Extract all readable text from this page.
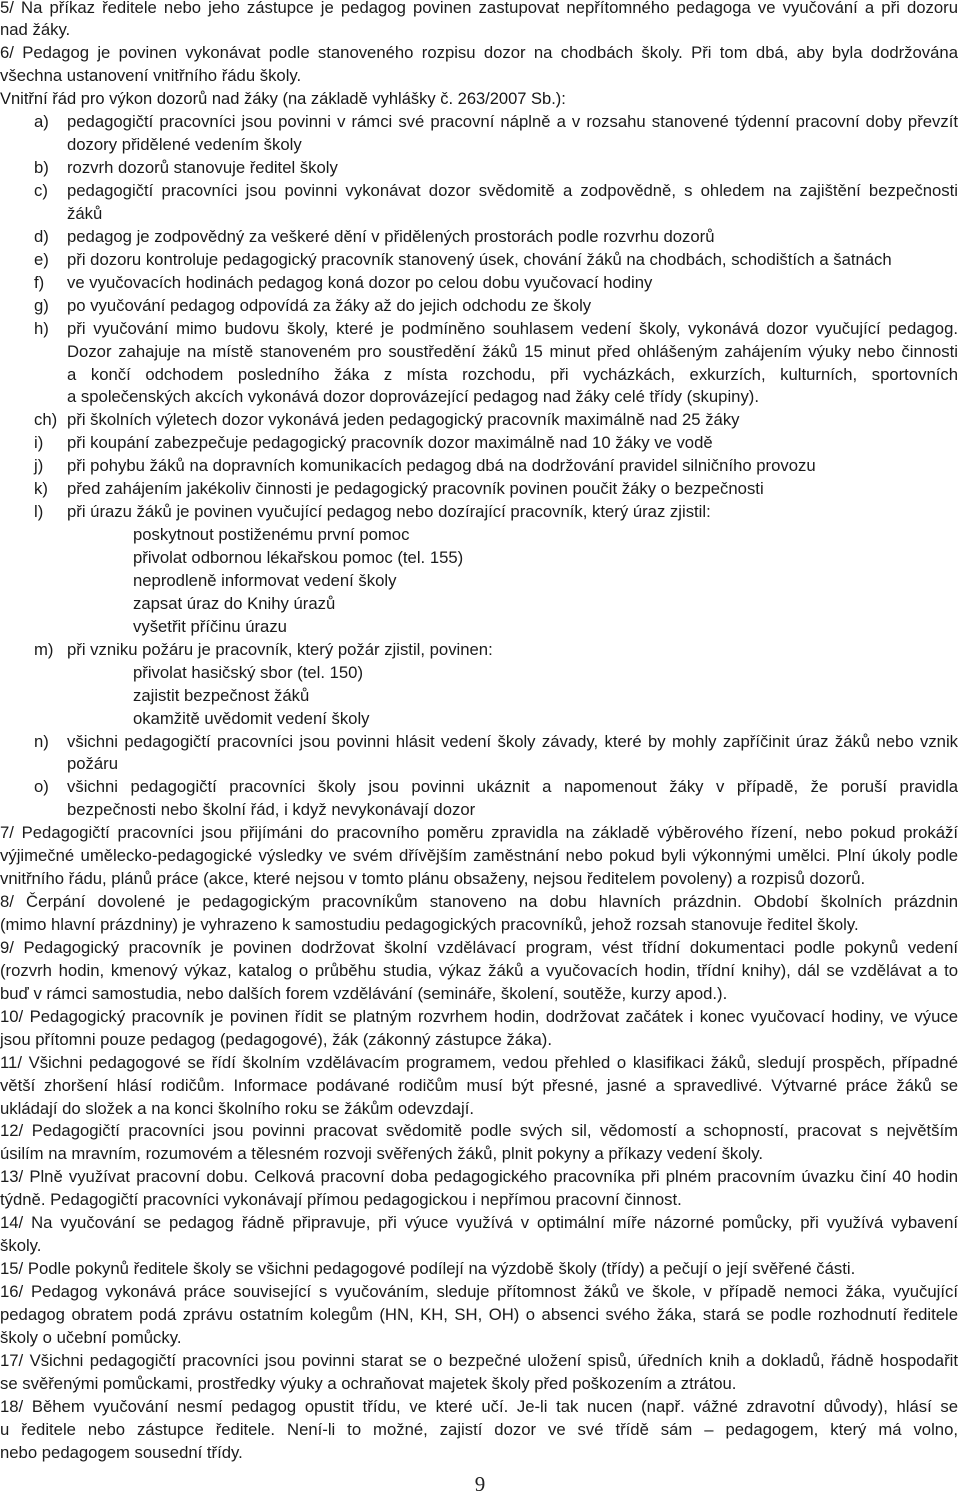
5/ Na příkaz ředitele nebo jeho zástupce je pedagog povinen zastupovat nepřítomného pedagoga ve vyučování a při dozoru
nad žáky.
6/ Pedagog je povinen vykonávat podle stanoveného rozpisu dozor na chodbách školy. Při tom dbá, aby byla dodržována
všechna ustanovení vnitřního řádu školy.
Vnitřní řád pro výkon dozorů nad žáky (na základě vyhlášky č. 263/2007 Sb.):
a) pedagogičtí pracovníci jsou povinni v rámci své pracovní náplně a v rozsahu stanovené týdenní pracovní doby převzít
dozory přidělené vedením školy
b) rozvrh dozorů stanovuje ředitel školy
c) pedagogičtí pracovníci jsou povinni vykonávat dozor svědomitě a zodpovědně, s ohledem na zajištění bezpečnosti
žáků
d) pedagog je zodpovědný za veškeré dění v přidělených prostorách podle rozvrhu dozorů
e) při dozoru kontroluje pedagogický pracovník stanovený úsek, chování žáků na chodbách, schodištích a šatnách
f) ve vyučovacích hodinách pedagog koná dozor po celou dobu vyučovací hodiny
g) po vyučování pedagog odpovídá za žáky až do jejich odchodu ze školy
h) při vyučování mimo budovu školy, které je podmíněno souhlasem vedení školy, vykonává dozor vyučující pedagog.
Dozor zahajuje na místě stanoveném pro soustředění žáků 15 minut před ohlášeným zahájením výuky nebo činnosti
a končí odchodem posledního žáka z místa rozchodu, při vycházkách, exkurzích, kulturních, sportovních
a společenských akcích vykonává dozor doprovázející pedagog nad žáky celé třídy (skupiny).
ch) při školních výletech dozor vykonává jeden pedagogický pracovník maximálně nad 25 žáky
i) při koupání zabezpečuje pedagogický pracovník dozor maximálně nad 10 žáky ve vodě
j) při pohybu žáků na dopravních komunikacích pedagog dbá na dodržování pravidel silničního provozu
k) před zahájením jakékoliv činnosti je pedagogický pracovník povinen poučit žáky o bezpečnosti
l) při úrazu žáků je povinen vyučující pedagog nebo dozírající pracovník, který úraz zjistil:
poskytnout postiženému první pomoc
přivolat odbornou lékařskou pomoc (tel. 155)
neprodleně informovat vedení školy
zapsat úraz do Knihy úrazů
vyšetřit příčinu úrazu
m) při vzniku požáru je pracovník, který požár zjistil, povinen:
přivolat hasičský sbor (tel. 150)
zajistit bezpečnost žáků
okamžitě uvědomit vedení školy
n) všichni pedagogičtí pracovníci jsou povinni hlásit vedení školy závady, které by mohly zapříčinit úraz žáků nebo vznik
požáru
o) všichni pedagogičtí pracovníci školy jsou povinni ukáznit a napomenout žáky v případě, že poruší pravidla
bezpečnosti nebo školní řád, i když nevykonávají dozor
7/ Pedagogičtí pracovníci jsou přijímáni do pracovního poměru zpravidla na základě výběrového řízení, nebo pokud prokáží
výjimečné umělecko-pedagogické výsledky ve svém dřívějším zaměstnání nebo pokud byli výkonnými umělci. Plní úkoly podle
vnitřního řádu, plánů práce (akce, které nejsou v tomto plánu obsaženy, nejsou ředitelem povoleny) a rozpisů dozorů.
8/ Čerpání dovolené je pedagogickým pracovníkům stanoveno na dobu hlavních prázdnin. Období školních prázdnin
(mimo hlavní prázdniny) je vyhrazeno k samostudiu pedagogických pracovníků, jehož rozsah stanovuje ředitel školy.
9/ Pedagogický pracovník je povinen dodržovat školní vzdělávací program, vést třídní dokumentaci podle pokynů vedení
(rozvrh hodin, kmenový výkaz, katalog o průběhu studia, výkaz žáků a vyučovacích hodin, třídní knihy), dál se vzdělávat a to
buď v rámci samostudia, nebo dalších forem vzdělávání (semináře, školení, soutěže, kurzy apod.).
10/ Pedagogický pracovník je povinen řídit se platným rozvrhem hodin, dodržovat začátek i konec vyučovací hodiny, ve výuce
jsou přítomni pouze pedagog (pedagogové), žák (zákonný zástupce žáka).
11/ Všichni pedagogové se řídí školním vzdělávacím programem, vedou přehled o klasifikaci žáků, sledují prospěch, případné
větší zhoršení hlásí rodičům. Informace podávané rodičům musí být přesné, jasné a spravedlivé. Výtvarné práce žáků se
ukládají do složek a na konci školního roku se žákům odevzdají.
12/ Pedagogičtí pracovníci jsou povinni pracovat svědomitě podle svých sil, vědomostí a schopností, pracovat s největším
úsilím na mravním, rozumovém a tělesném rozvoji svěřených žáků, plnit pokyny a příkazy vedení školy.
13/ Plně využívat pracovní dobu. Celková pracovní doba pedagogického pracovníka při plném pracovním úvazku činí 40 hodin
týdně. Pedagogičtí pracovníci vykonávají přímou pedagogickou i nepřímou pracovní činnost.
14/ Na vyučování se pedagog řádně připravuje, při výuce využívá v optimální míře názorné pomůcky, při využívá vybavení
školy.
15/ Podle pokynů ředitele školy se všichni pedagogové podílejí na výzdobě školy (třídy) a pečují o její svěřené části.
16/ Pedagog vykonává práce související s vyučováním, sleduje přítomnost žáků ve škole, v případě nemoci žáka, vyučující
pedagog obratem podá zprávu ostatním kolegům (HN, KH, SH, OH) o absenci svého žáka, stará se podle rozhodnutí ředitele
školy o učební pomůcky.
17/ Všichni pedagogičtí pracovníci jsou povinni starat se o bezpečné uložení spisů, úředních knih a dokladů, řádně hospodařit
se svěřenými pomůckami, prostředky výuky a ochraňovat majetek školy před poškozením a ztrátou.
18/ Během vyučování nesmí pedagog opustit třídu, ve které učí. Je-li tak nucen (např. vážné zdravotní důvody), hlásí se
u ředitele nebo zástupce ředitele. Není-li to možné, zajistí dozor ve své třídě sám – pedagogem, který má volno,
nebo pedagogem sousední třídy.
9
